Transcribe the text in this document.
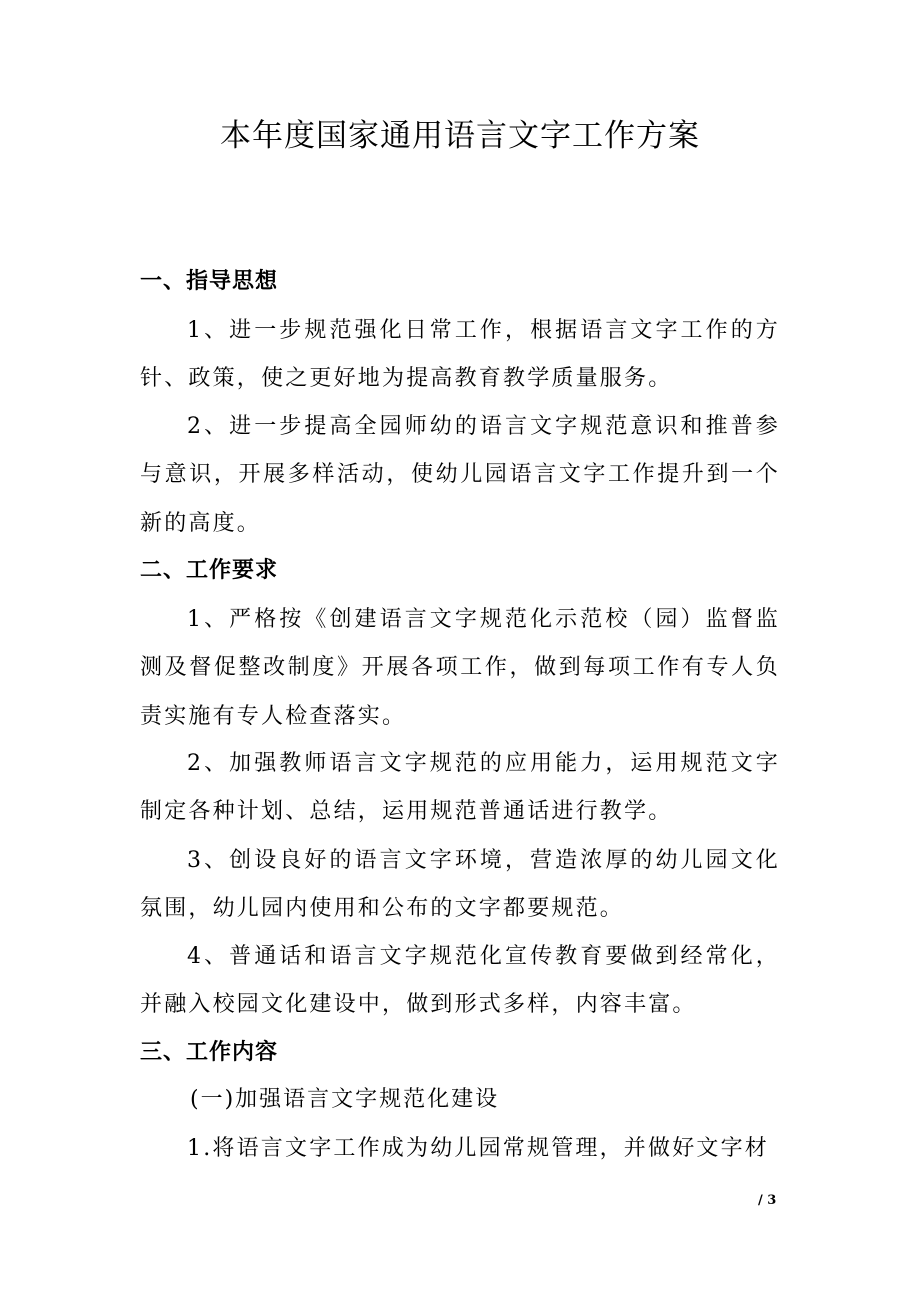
本年度国家通用语言文字工作方案
一、指导思想
1、进一步规范强化日常工作，根据语言文字工作的方针、政策，使之更好地为提高教育教学质量服务。
2、进一步提高全园师幼的语言文字规范意识和推普参与意识，开展多样活动，使幼儿园语言文字工作提升到一个新的高度。
二、工作要求
1、严格按《创建语言文字规范化示范校（园）监督监测及督促整改制度》开展各项工作，做到每项工作有专人负责实施有专人检查落实。
2、加强教师语言文字规范的应用能力，运用规范文字制定各种计划、总结，运用规范普通话进行教学。
3、创设良好的语言文字环境，营造浓厚的幼儿园文化氛围，幼儿园内使用和公布的文字都要规范。
4、普通话和语言文字规范化宣传教育要做到经常化，并融入校园文化建设中，做到形式多样，内容丰富。
三、工作内容
(一)加强语言文字规范化建设
1.将语言文字工作成为幼儿园常规管理，并做好文字材
/ 3
